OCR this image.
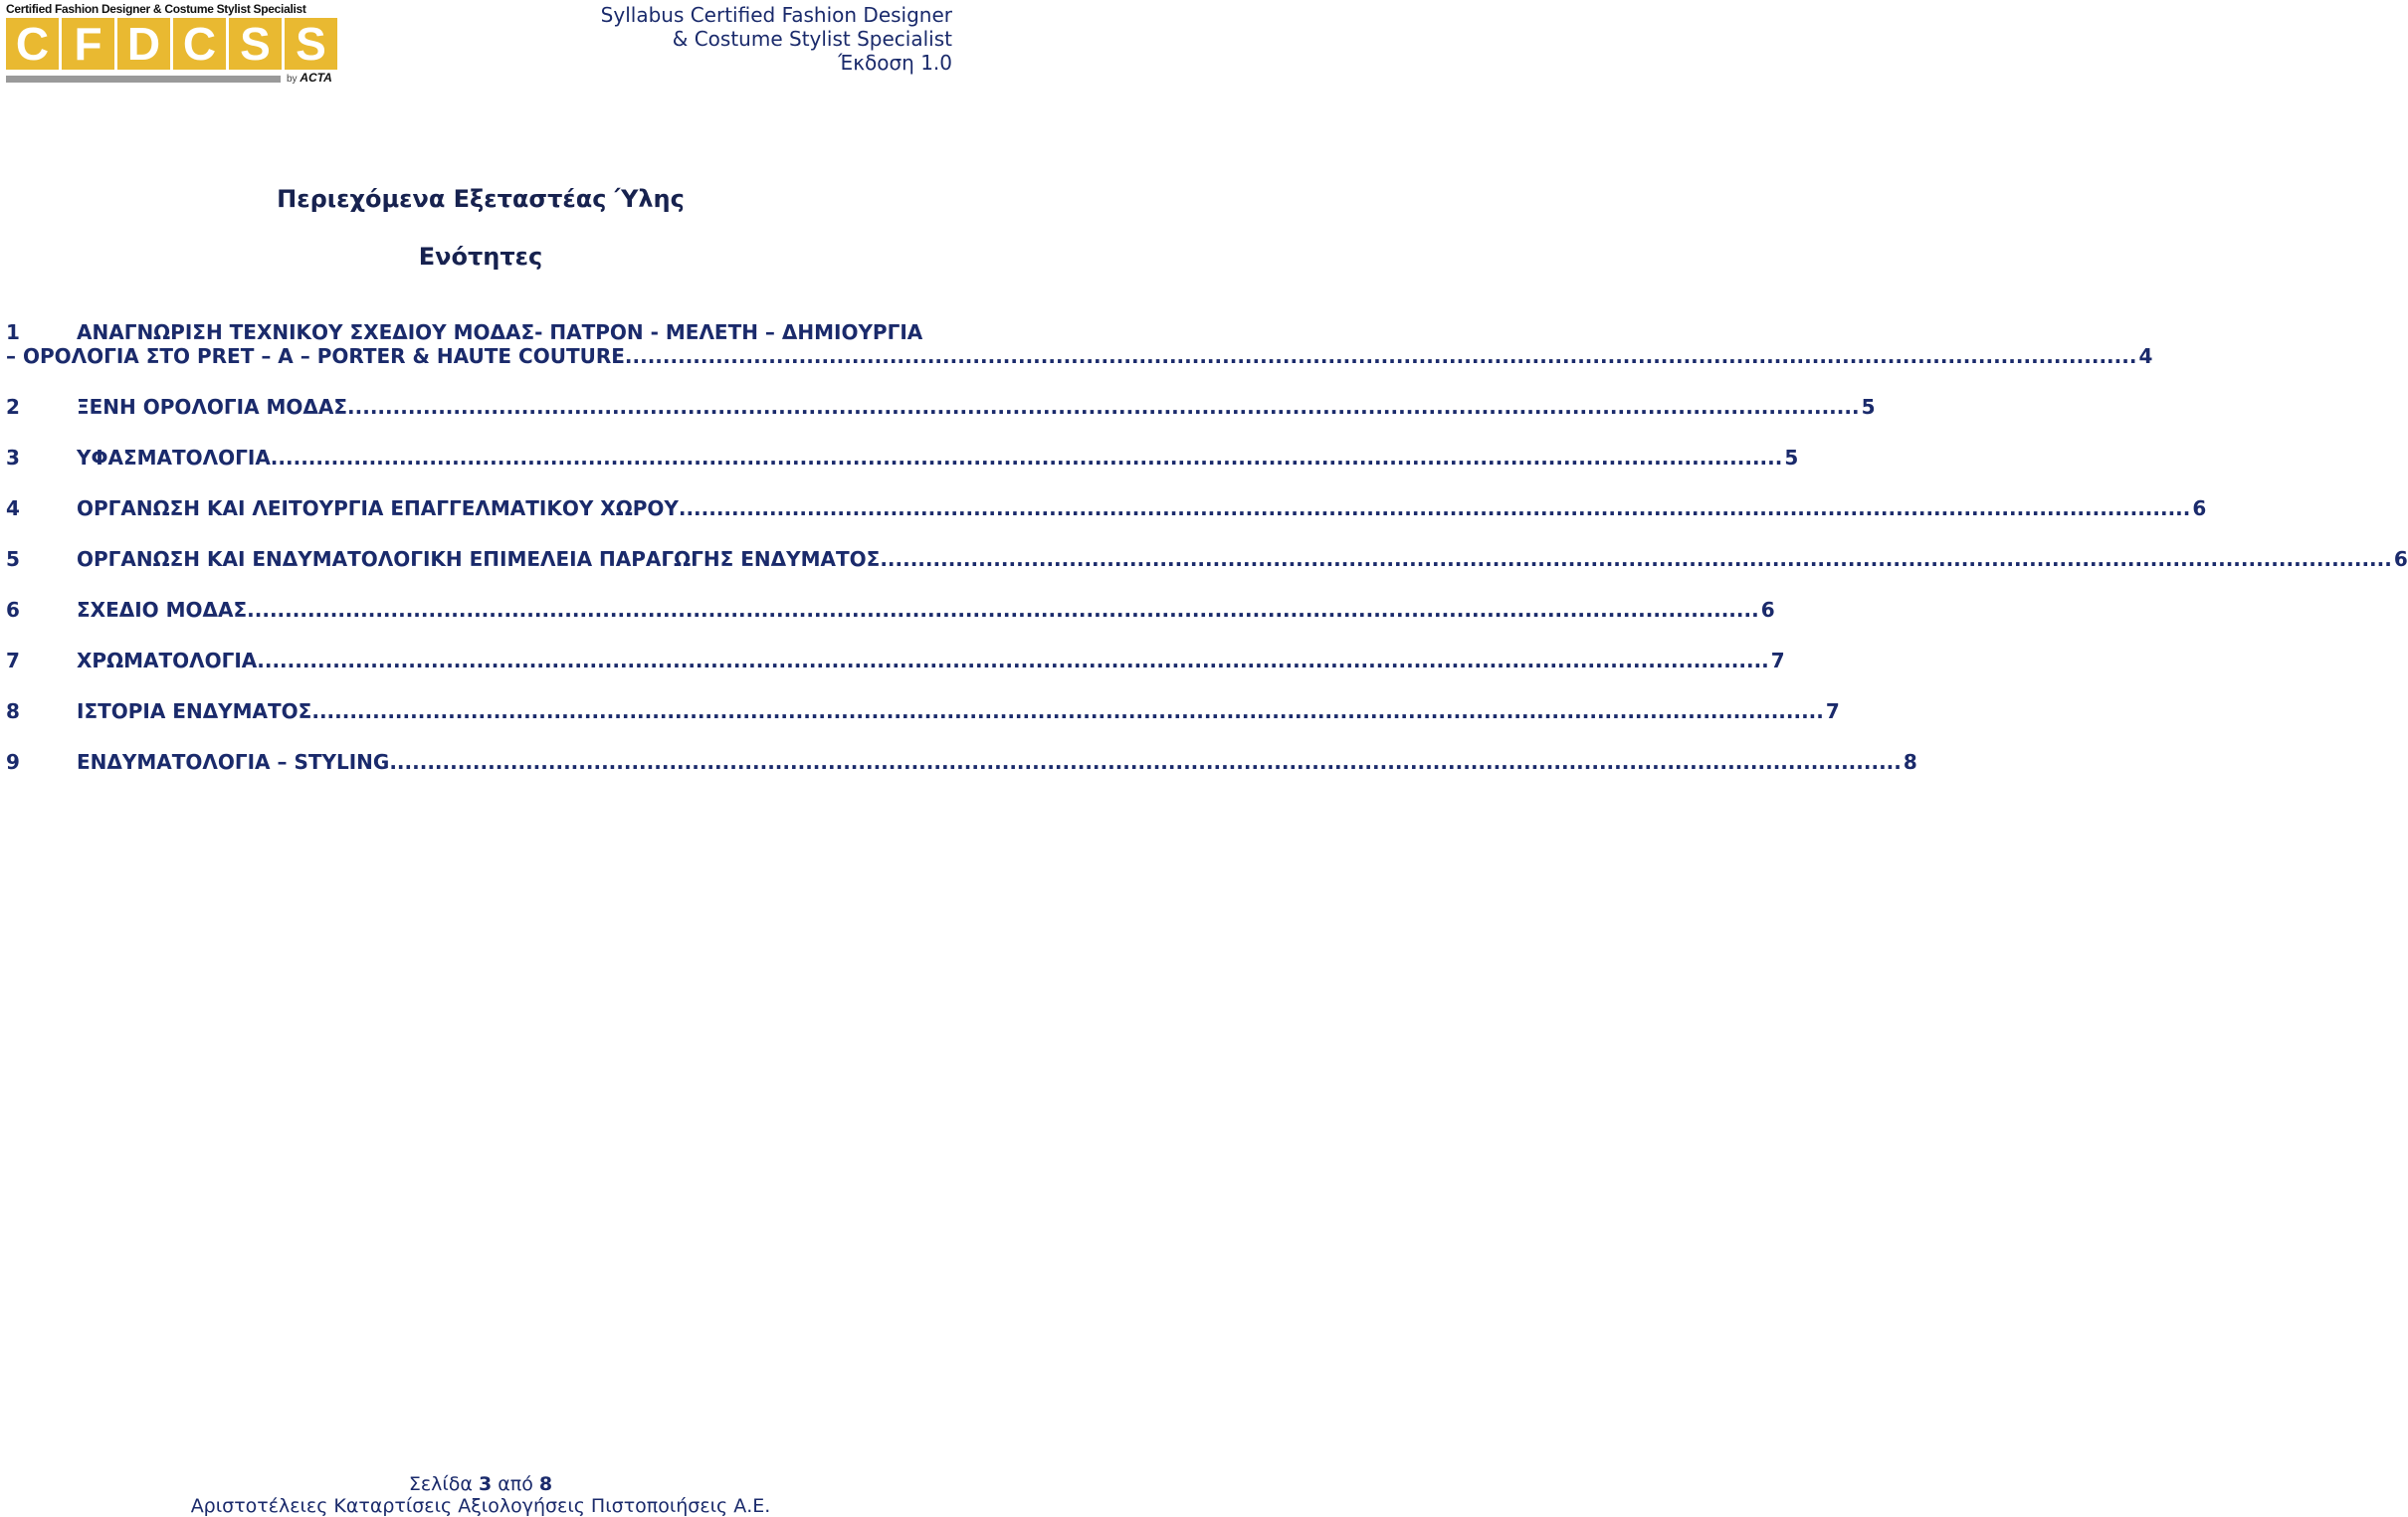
Certified Fashion Designer & Costume Stylist Specialist
C F D C S S
by ACTA
Syllabus Certified Fashion Designer
& Costume Stylist Specialist
Έκδοση 1.0
Περιεχόμενα Εξεταστέας Ύλης
Ενότητες
1	ΑΝΑΓΝΩΡΙΣΗ ΤΕΧΝΙΚΟΥ ΣΧΕΔΙΟΥ ΜΟΔΑΣ- ΠΑΤΡΟΝ - ΜΕΛΕΤΗ – ΔΗΜΙΟΥΡΓΙΑ
– ΟΡΟΛΟΓΙΑ ΣΤΟ PRET – A – PORTER & HAUTE COUTURE ........................................................................................................................................................................................................ 4
2	ΞΕΝΗ ΟΡΟΛΟΓΙΑ ΜΟΔΑΣ ........................................................................................................................................................................................................ 5
3	ΥΦΑΣΜΑΤΟΛΟΓΙΑ ........................................................................................................................................................................................................ 5
4	ΟΡΓΑΝΩΣΗ ΚΑΙ ΛΕΙΤΟΥΡΓΙΑ ΕΠΑΓΓΕΛΜΑΤΙΚΟΥ ΧΩΡΟΥ ........................................................................................................................................................................................................ 6
5	ΟΡΓΑΝΩΣΗ ΚΑΙ ΕΝΔΥΜΑΤΟΛΟΓΙΚΗ ΕΠΙΜΕΛΕΙΑ ΠΑΡΑΓΩΓΗΣ ΕΝΔΥΜΑΤΟΣ ........................................................................................................................................................................................................ 6
6	ΣΧΕΔΙΟ ΜΟΔΑΣ ........................................................................................................................................................................................................ 6
7	ΧΡΩΜΑΤΟΛΟΓΙΑ ........................................................................................................................................................................................................ 7
8	ΙΣΤΟΡΙΑ ΕΝΔΥΜΑΤΟΣ ........................................................................................................................................................................................................ 7
9	ΕΝΔΥΜΑΤΟΛΟΓΙΑ – STYLING ........................................................................................................................................................................................................ 8
Σελίδα 3 από 8
Αριστοτέλειες Καταρτίσεις Αξιολογήσεις Πιστοποιήσεις Α.Ε.
